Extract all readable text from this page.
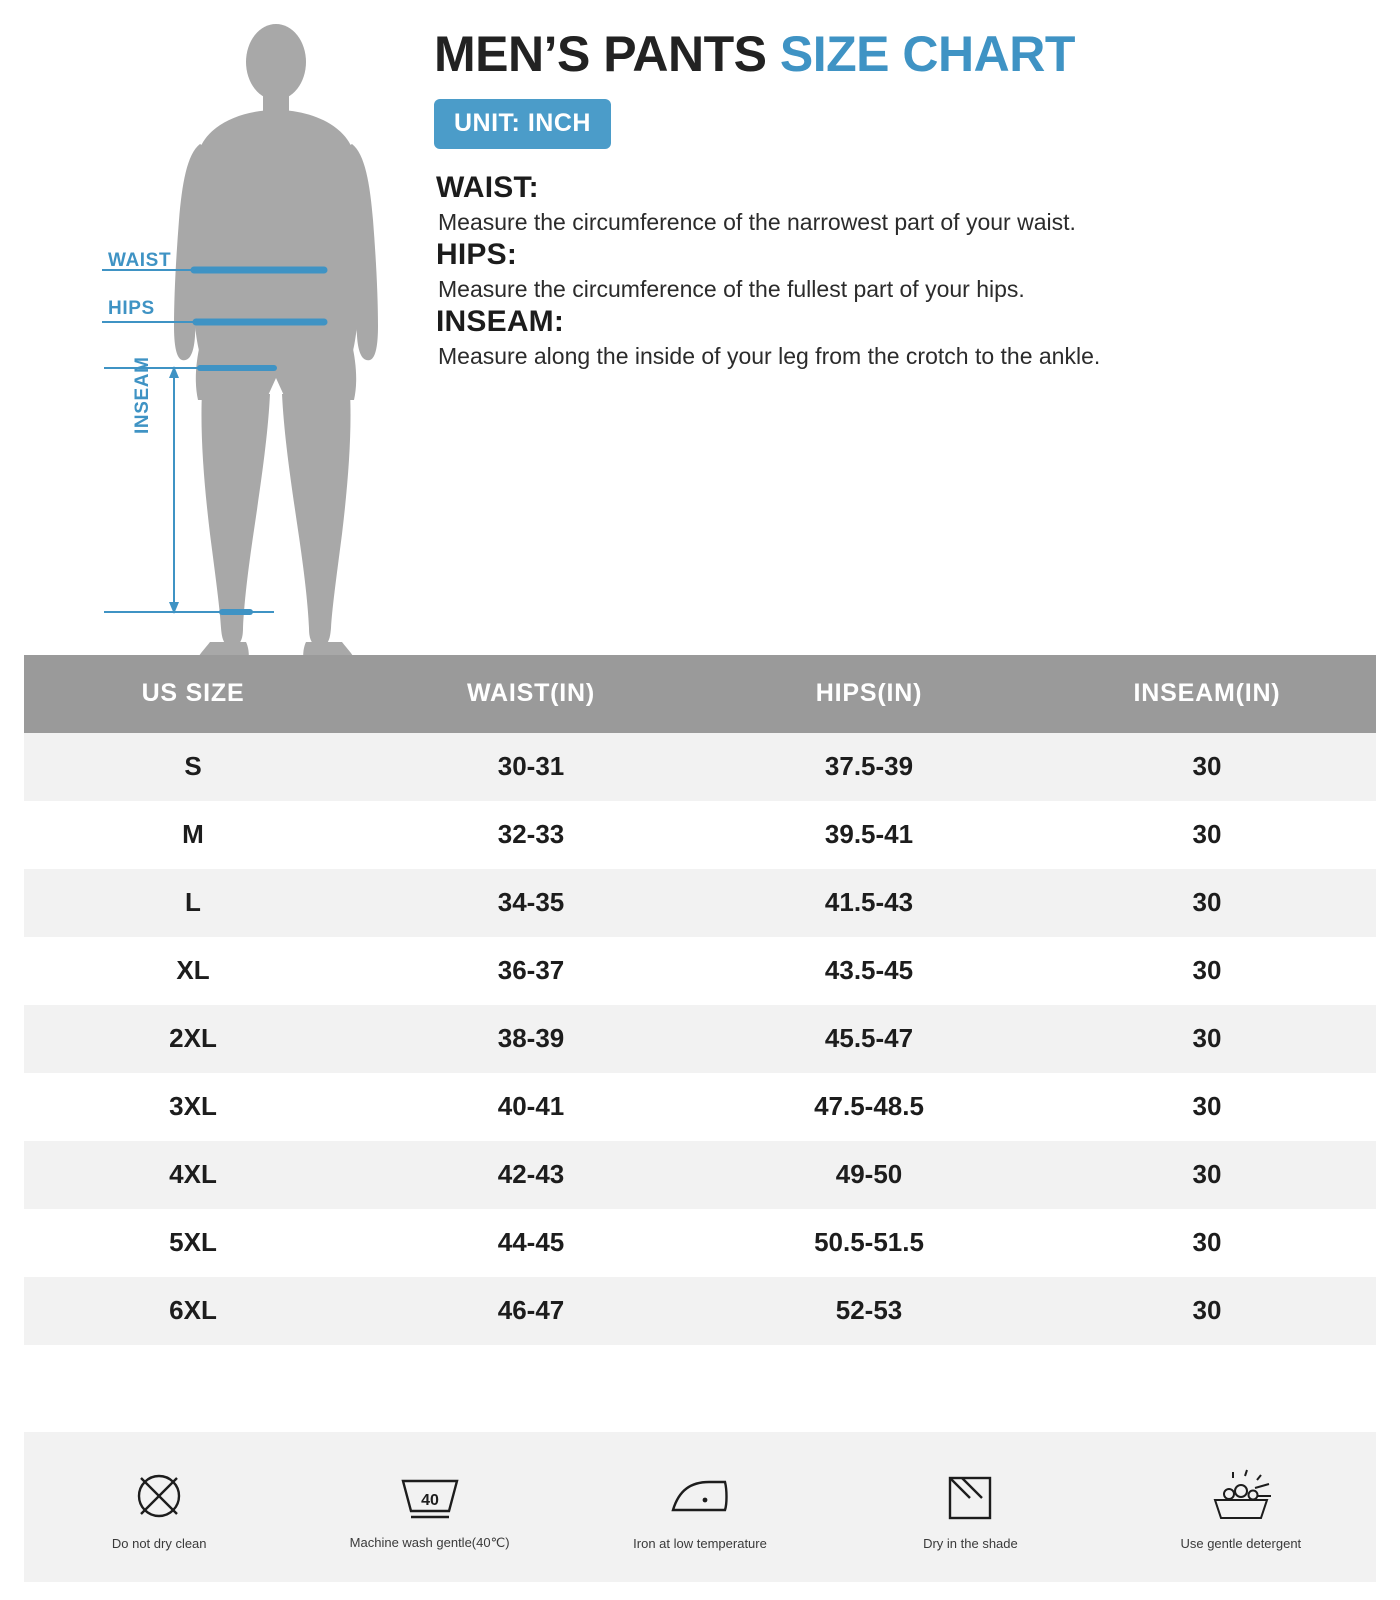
WAIST
HIPS
INSEAM
MEN’S PANTS SIZE CHART
UNIT: INCH
WAIST:
Measure the circumference of the narrowest part of your waist.
HIPS:
Measure the circumference of the fullest part of your hips.
INSEAM:
Measure along the inside of your leg from the crotch to the ankle.
US SIZE	WAIST(IN)	HIPS(IN)	INSEAM(IN)
S	30-31	37.5-39	30
M	32-33	39.5-41	30
L	34-35	41.5-43	30
XL	36-37	43.5-45	30
2XL	38-39	45.5-47	30
3XL	40-41	47.5-48.5	30
4XL	42-43	49-50	30
5XL	44-45	50.5-51.5	30
6XL	46-47	52-53	30
Do not dry clean
40
Machine wash gentle(40℃)	Iron at low temperature	Dry in the shade	Use gentle detergent
